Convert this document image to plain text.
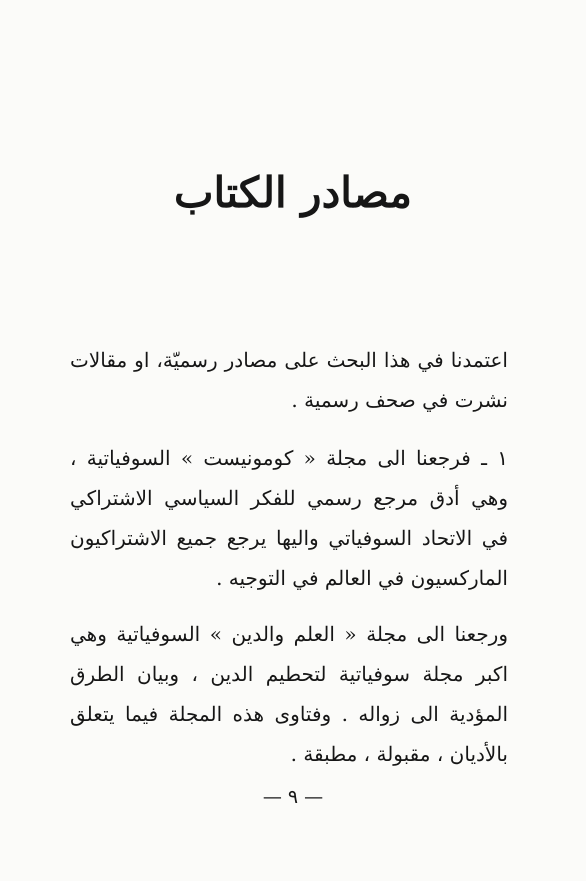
مصادر الكتاب
اعتمدنا في هذا البحث على مصادر رسميّة، او مقالات نشرت في صحف رسمية .
١ ـ فرجعنا الى مجلة « كومونيست » السوفياتية ، وهي أدق مرجع رسمي للفكر السياسي الاشتراكي في الاتحاد السوفياتي واليها يرجع جميع الاشتراكيون الماركسيون في العالم في التوجيه .
ورجعنا الى مجلة « العلم والدين » السوفياتية وهي اكبر مجلة سوفياتية لتحطيم الدين ، وبيان الطرق المؤدية الى زواله . وفتاوى هذه المجلة فيما يتعلق بالأديان ، مقبولة ، مطبقة .
— ٩ —
